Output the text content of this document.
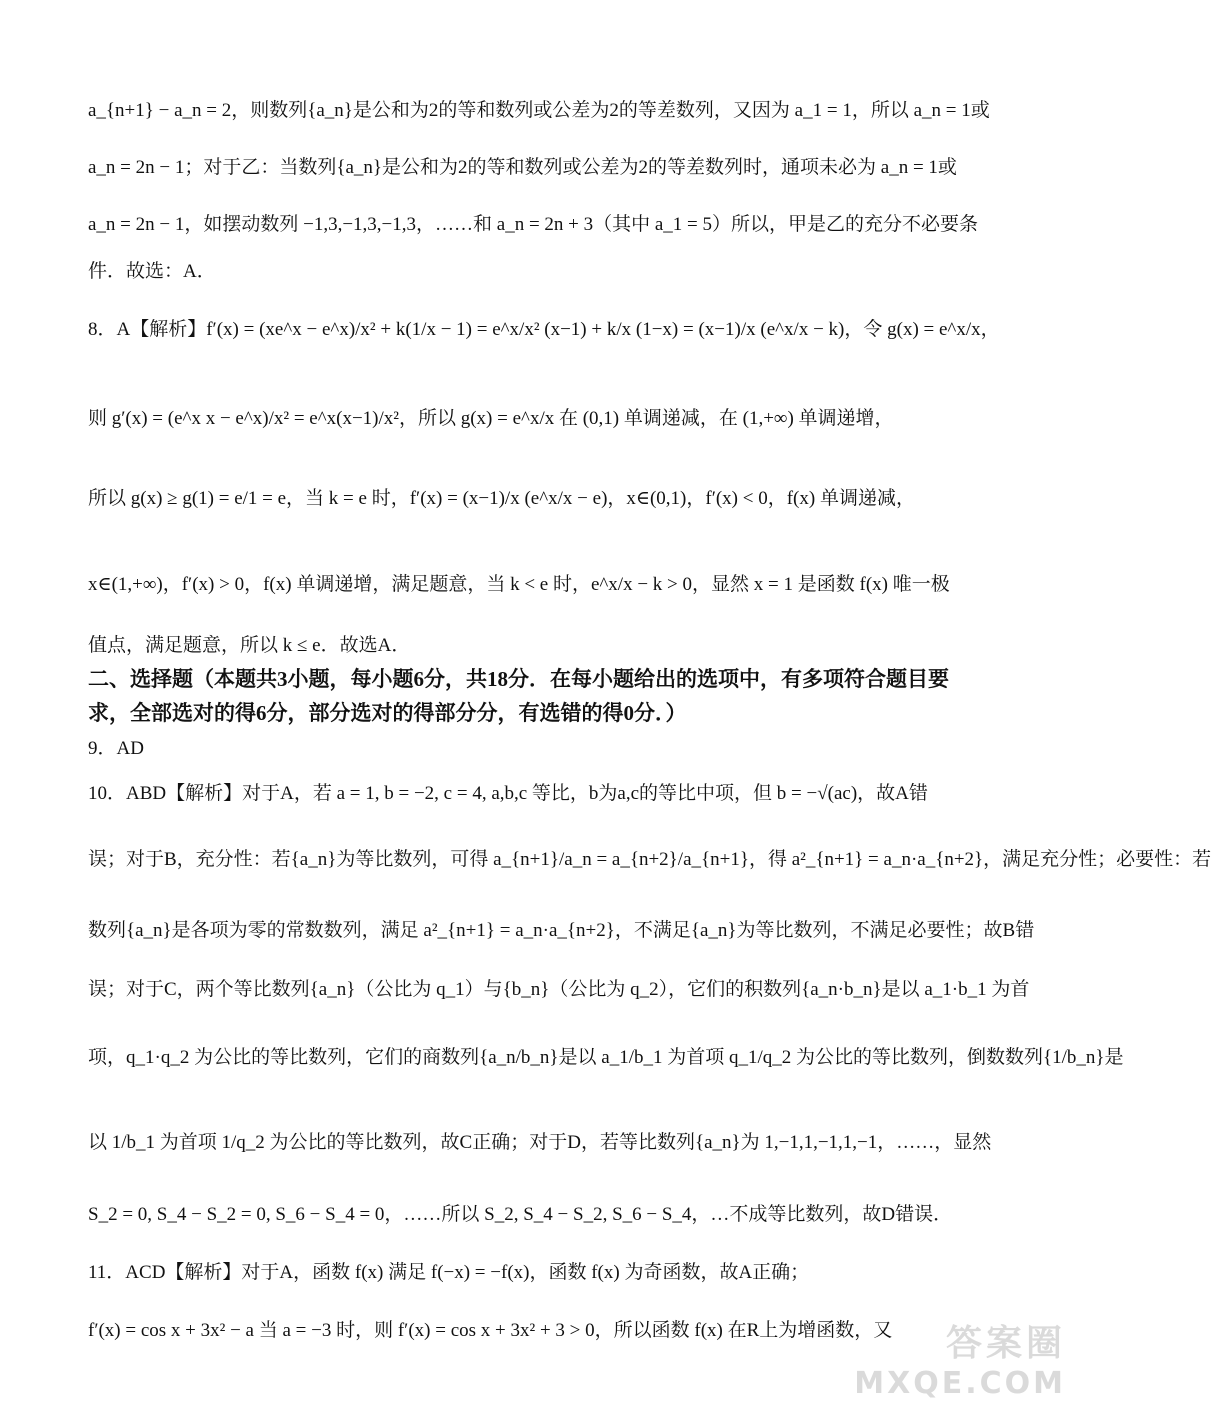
a_{n+1} − a_n = 2，则数列{a_n}是公和为2的等和数列或公差为2的等差数列，又因为 a_1 = 1，所以 a_n = 1或
a_n = 2n − 1；对于乙：当数列{a_n}是公和为2的等和数列或公差为2的等差数列时，通项未必为 a_n = 1或
a_n = 2n − 1，如摆动数列 −1,3,−1,3,−1,3，……和 a_n = 2n + 3（其中 a_1 = 5）所以，甲是乙的充分不必要条
件．故选：A．
8．A【解析】f′(x) = (xe^x − e^x)/x² + k(1/x − 1) = e^x/x² (x−1) + k/x (1−x) = (x−1)/x (e^x/x − k)，令 g(x) = e^x/x，
则 g′(x) = (e^x x − e^x)/x² = e^x(x−1)/x²，所以 g(x) = e^x/x 在 (0,1) 单调递减，在 (1,+∞) 单调递增，
所以 g(x) ≥ g(1) = e/1 = e，当 k = e 时，f′(x) = (x−1)/x (e^x/x − e)，x∈(0,1)，f′(x) < 0，f(x) 单调递减，
x∈(1,+∞)，f′(x) > 0，f(x) 单调递增，满足题意，当 k < e 时，e^x/x − k > 0，显然 x = 1 是函数 f(x) 唯一极
值点，满足题意，所以 k ≤ e．故选A．
二、选择题（本题共3小题，每小题6分，共18分．在每小题给出的选项中，有多项符合题目要
求，全部选对的得6分，部分选对的得部分分，有选错的得0分．）
9．AD
10．ABD【解析】对于A，若 a = 1, b = −2, c = 4, a,b,c 等比，b为a,c的等比中项，但 b = −√(ac)，故A错
误；对于B，充分性：若{a_n}为等比数列，可得 a_{n+1}/a_n = a_{n+2}/a_{n+1}，得 a²_{n+1} = a_n·a_{n+2}，满足充分性；必要性：若
数列{a_n}是各项为零的常数数列，满足 a²_{n+1} = a_n·a_{n+2}，不满足{a_n}为等比数列，不满足必要性；故B错
误；对于C，两个等比数列{a_n}（公比为 q_1）与{b_n}（公比为 q_2），它们的积数列{a_n·b_n}是以 a_1·b_1 为首
项，q_1·q_2 为公比的等比数列，它们的商数列{a_n/b_n}是以 a_1/b_1 为首项 q_1/q_2 为公比的等比数列，倒数数列{1/b_n}是
以 1/b_1 为首项 1/q_2 为公比的等比数列，故C正确；对于D，若等比数列{a_n}为 1,−1,1,−1,1,−1，……，显然
S_2 = 0, S_4 − S_2 = 0, S_6 − S_4 = 0，……所以 S_2, S_4 − S_2, S_6 − S_4，…不成等比数列，故D错误．
11．ACD【解析】对于A，函数 f(x) 满足 f(−x) = −f(x)，函数 f(x) 为奇函数，故A正确；
f′(x) = cos x + 3x² − a 当 a = −3 时，则 f′(x) = cos x + 3x² + 3 > 0，所以函数 f(x) 在R上为增函数，又	答案圈
MXQE.COM
